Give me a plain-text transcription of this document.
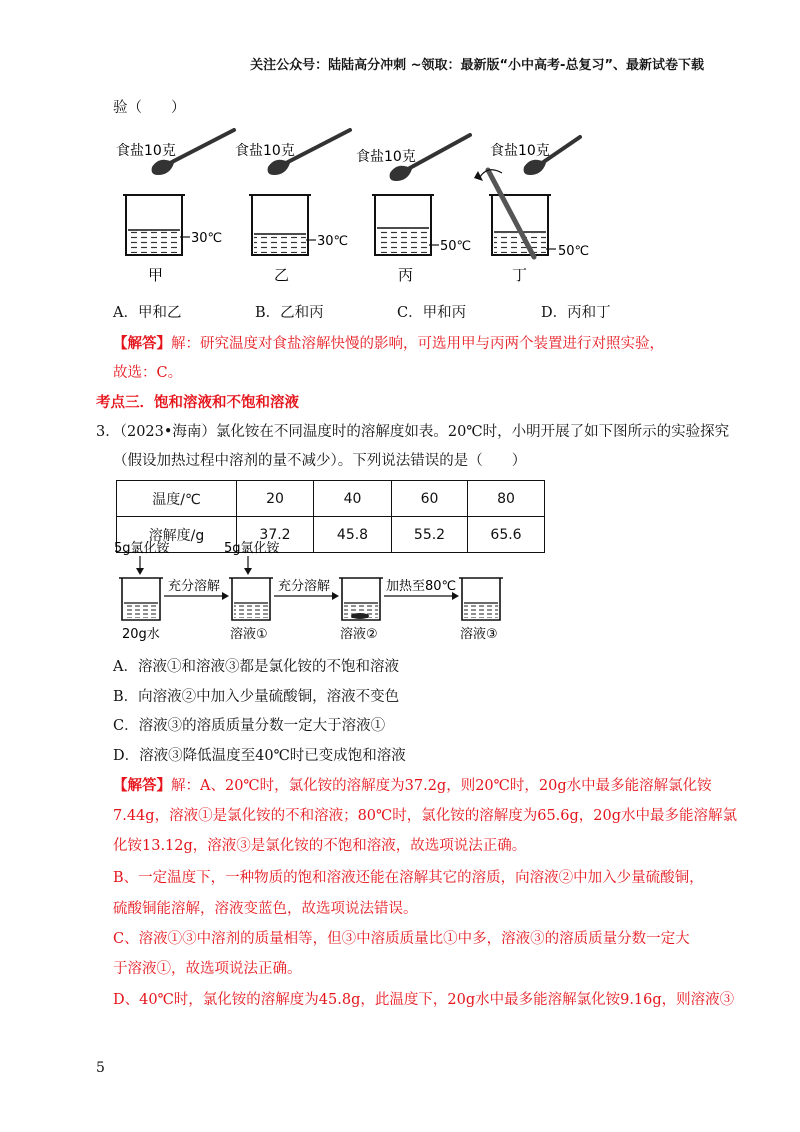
关注公众号：陆陆高分冲刺 ~领取：最新版“小中高考-总复习”、最新试卷下载
验（　　）
食盐10克
30℃
甲
食盐10克
30℃
乙
食盐10克
50℃
丙
食盐10克
50℃
丁
A．甲和乙	B．乙和丙	C．甲和丙	D．丙和丁
【解答】解：研究温度对食盐溶解快慢的影响，可选用甲与丙两个装置进行对照实验，
故选：C。
考点三．饱和溶液和不饱和溶液
3．（2023•海南）氯化铵在不同温度时的溶解度如表。20℃时，小明开展了如下图所示的实验探究
（假设加热过程中溶剂的量不减少）。下列说法错误的是（　　）
温度/℃	20	40	60	80
溶解度/g	37.2	45.8	55.2	65.6
5g氯化铵	5g氯化铵
20g水
充分溶解
溶液①
充分溶解
溶液②
加热至80℃
溶液③
A．溶液①和溶液③都是氯化铵的不饱和溶液
B．向溶液②中加入少量硫酸铜，溶液不变色
C．溶液③的溶质质量分数一定大于溶液①
D．溶液③降低温度至40℃时已变成饱和溶液
【解答】解：A、20℃时，氯化铵的溶解度为37.2g，则20℃时，20g水中最多能溶解氯化铵
7.44g，溶液①是氯化铵的不和溶液；80℃时，氯化铵的溶解度为65.6g，20g水中最多能溶解氯
化铵13.12g，溶液③是氯化铵的不饱和溶液，故选项说法正确。
B、一定温度下，一种物质的饱和溶液还能在溶解其它的溶质，向溶液②中加入少量硫酸铜，
硫酸铜能溶解，溶液变蓝色，故选项说法错误。
C、溶液①③中溶剂的质量相等，但③中溶质质量比①中多，溶液③的溶质质量分数一定大
于溶液①，故选项说法正确。
D、40℃时，氯化铵的溶解度为45.8g，此温度下，20g水中最多能溶解氯化铵9.16g，则溶液③
5
